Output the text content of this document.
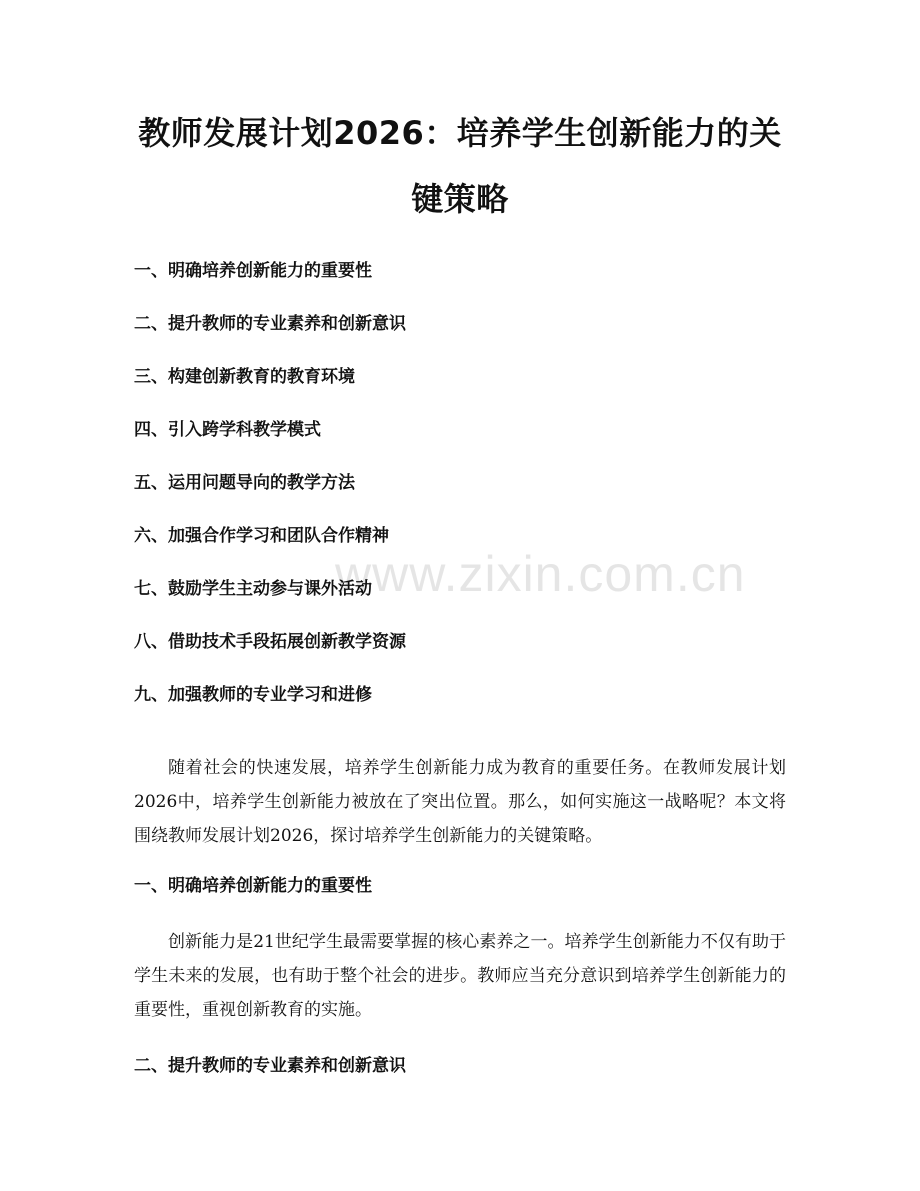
教师发展计划2026：培养学生创新能力的关键策略
一、明确培养创新能力的重要性
二、提升教师的专业素养和创新意识
三、构建创新教育的教育环境
四、引入跨学科教学模式
五、运用问题导向的教学方法
六、加强合作学习和团队合作精神
七、鼓励学生主动参与课外活动
八、借助技术手段拓展创新教学资源
九、加强教师的专业学习和进修

随着社会的快速发展，培养学生创新能力成为教育的重要任务。在教师发展计划2026中，培养学生创新能力被放在了突出位置。那么，如何实施这一战略呢？本文将围绕教师发展计划2026，探讨培养学生创新能力的关键策略。

一、明确培养创新能力的重要性

创新能力是21世纪学生最需要掌握的核心素养之一。培养学生创新能力不仅有助于学生未来的发展，也有助于整个社会的进步。教师应当充分意识到培养学生创新能力的重要性，重视创新教育的实施。

二、提升教师的专业素养和创新意识
www.zixin.com.cn
